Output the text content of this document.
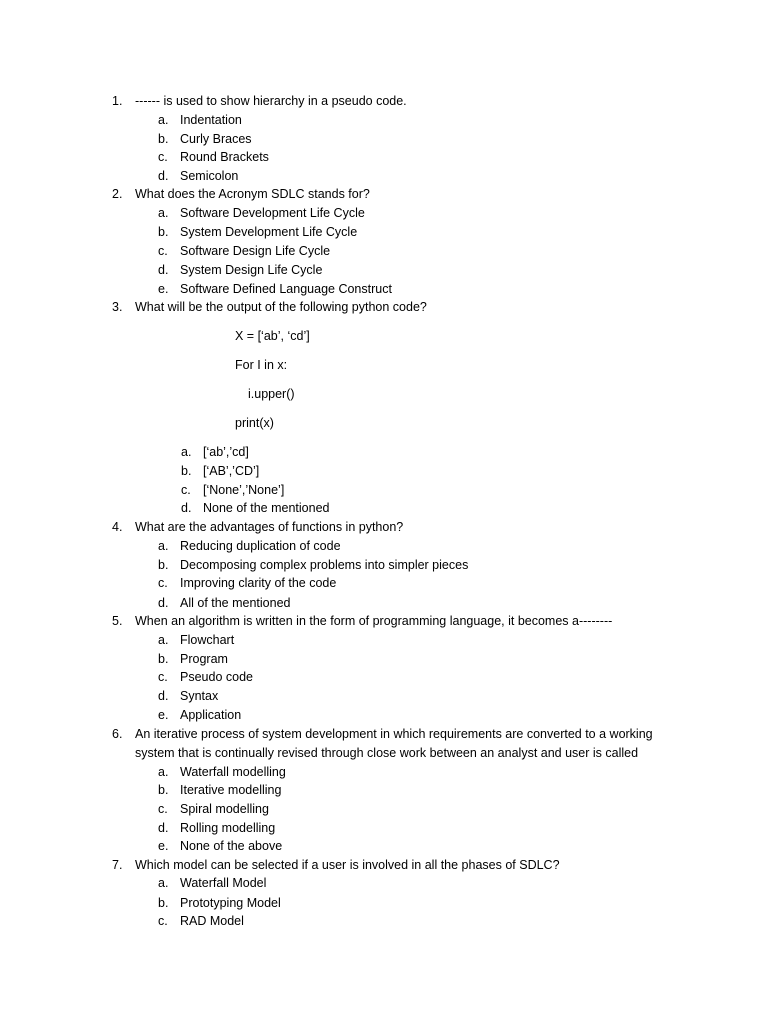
1. ------ is used to show hierarchy in a pseudo code.
a. Indentation
b. Curly Braces
c. Round Brackets
d. Semicolon
2. What does the Acronym SDLC stands for?
a. Software Development Life Cycle
b. System Development Life Cycle
c. Software Design Life Cycle
d. System Design Life Cycle
e. Software Defined Language Construct
3. What will be the output of the following python code?
X = [‘ab’, ‘cd’]
For I in x:
i.upper()
print(x)
a. [‘ab’,’cd]
b. [‘AB’,’CD’]
c. [‘None’,’None’]
d. None of the mentioned
4. What are the advantages of functions in python?
a. Reducing duplication of code
b. Decomposing complex problems into simpler pieces
c. Improving clarity of the code
d. All of the mentioned
5. When an algorithm is written in the form of programming language, it becomes a--------
a. Flowchart
b. Program
c. Pseudo code
d. Syntax
e. Application
6. An iterative process of system development in which requirements are converted to a working
system that is continually revised through close work between an analyst and user is called
a. Waterfall modelling
b. Iterative modelling
c. Spiral modelling
d. Rolling modelling
e. None of the above
7. Which model can be selected if a user is involved in all the phases of SDLC?
a. Waterfall Model
b. Prototyping Model
c. RAD Model
